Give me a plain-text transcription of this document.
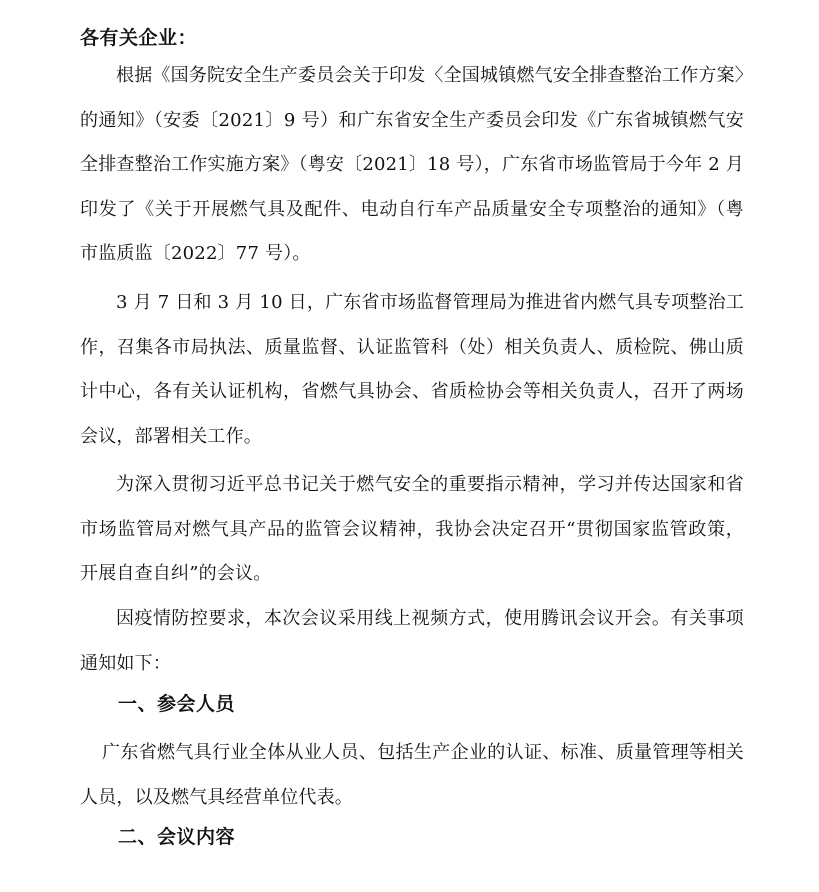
各有关企业：

根据《国务院安全生产委员会关于印发〈全国城镇燃气安全排查整治工作方案〉的通知》（安委〔2021〕9 号）和广东省安全生产委员会印发《广东省城镇燃气安全排查整治工作实施方案》（粤安〔2021〕18 号），广东省市场监管局于今年 2 月印发了《关于开展燃气具及配件、电动自行车产品质量安全专项整治的通知》（粤市监质监〔2022〕77 号）。

3 月 7 日和 3 月 10 日，广东省市场监督管理局为推进省内燃气具专项整治工作，召集各市局执法、质量监督、认证监管科（处）相关负责人、质检院、佛山质计中心，各有关认证机构，省燃气具协会、省质检协会等相关负责人，召开了两场会议，部署相关工作。

为深入贯彻习近平总书记关于燃气安全的重要指示精神，学习并传达国家和省市场监管局对燃气具产品的监管会议精神，我协会决定召开“贯彻国家监管政策，开展自查自纠”的会议。

因疫情防控要求，本次会议采用线上视频方式，使用腾讯会议开会。有关事项通知如下：

一、参会人员

广东省燃气具行业全体从业人员、包括生产企业的认证、标准、质量管理等相关人员，以及燃气具经营单位代表。

二、会议内容
